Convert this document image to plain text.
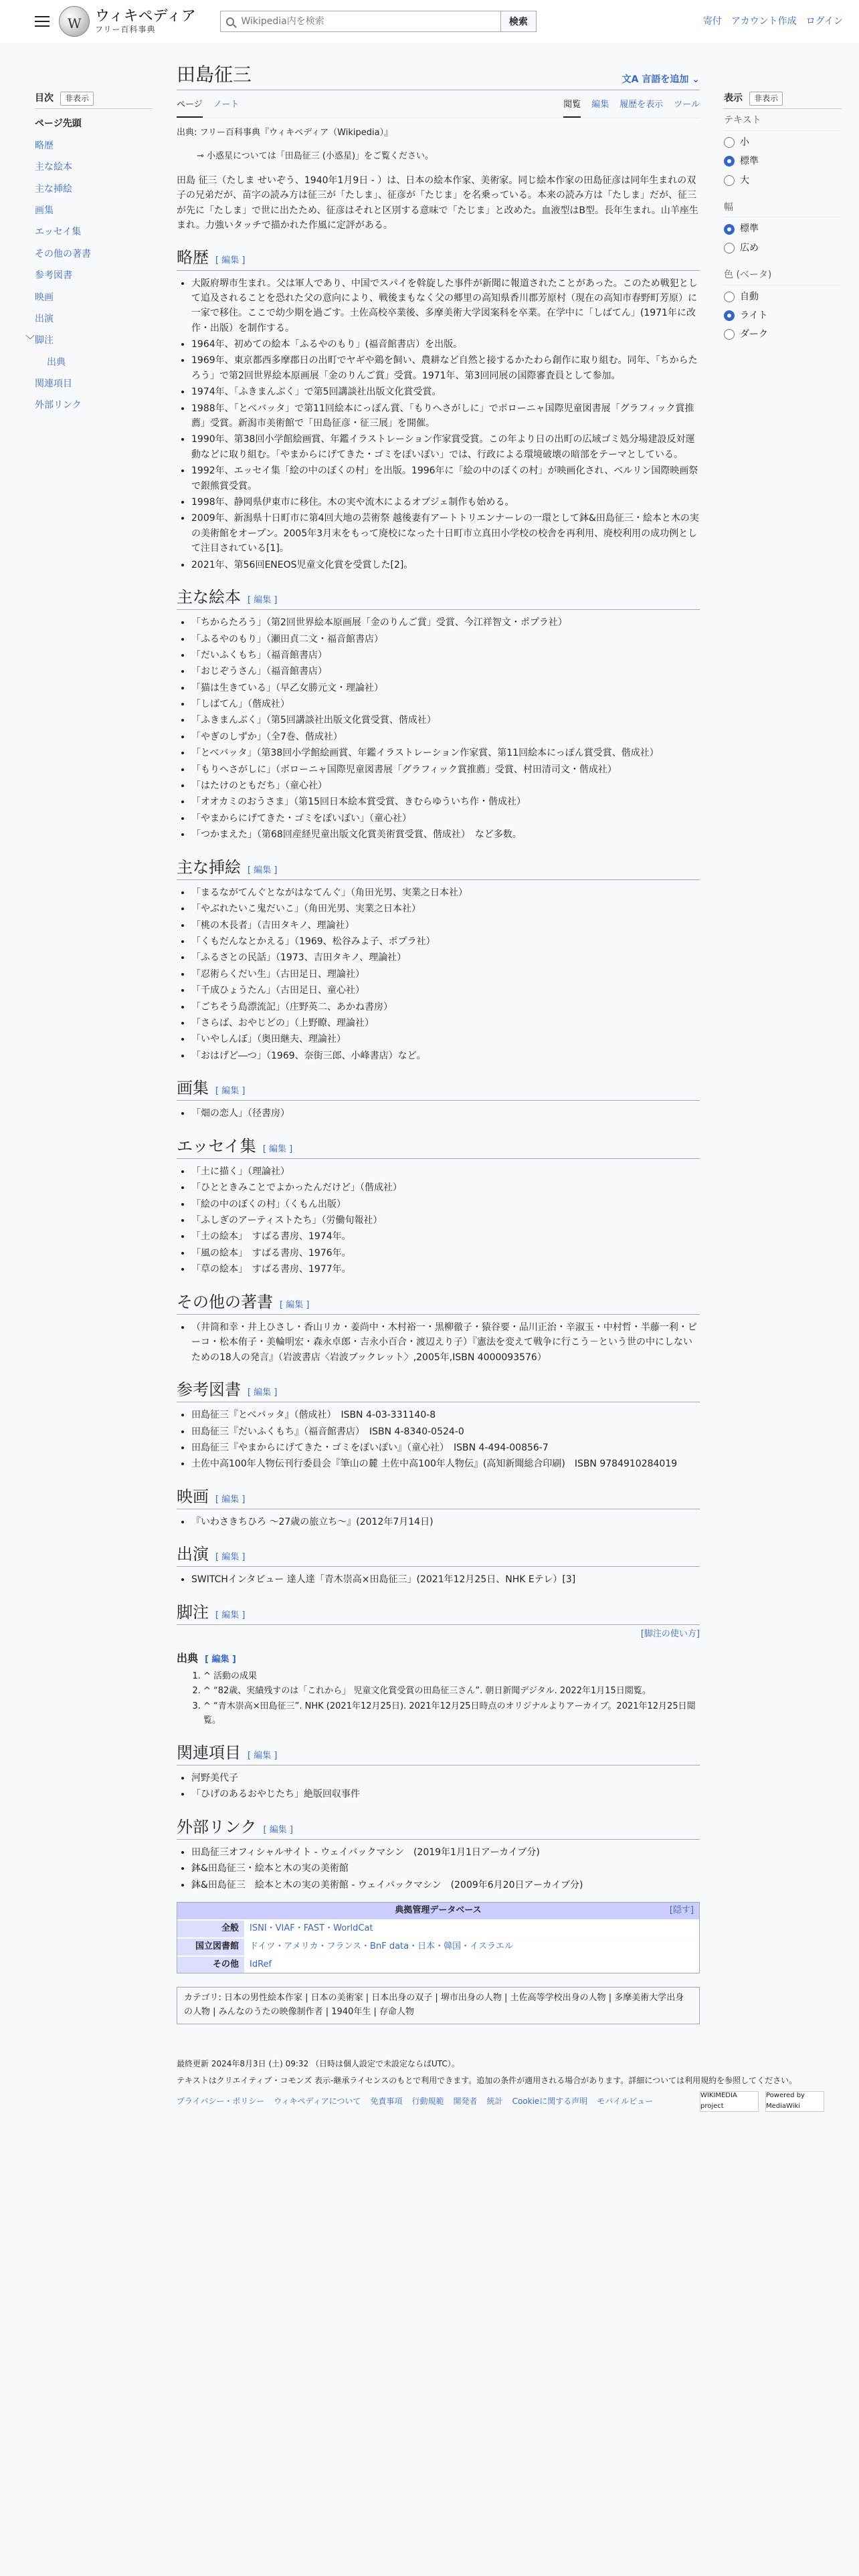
W
ウィキペディア
フリー百科事典
Wikipedia内を検索
検索	寄付 アカウント作成 ログイン
目次	非表示
ページ先頭
略歴
主な絵本
主な挿絵
画集
エッセイ集
その他の著書
参考図書
映画
出演
﹀脚注
出典
関連項目
外部リンク
田島征三	文A 言語を追加 ⌄
ページ ノート	閲覧 編集 履歴を表示 ツール
出典: フリー百科事典『ウィキペディア（Wikipedia）』
⊸ 小惑星については「田島征三 (小惑星)」をご覧ください。

田島 征三（たしま せいぞう、1940年1月9日 - ）は、日本の絵本作家、美術家。同じ絵本作家の田島征彦は同年生まれの双子の兄弟だが、苗字の読み方は征三が「たしま」、征彦が「たじま」を名乗っている。本来の読み方は「たしま」だが、征三が先に「たしま」で世に出たため、征彦はそれと区別する意味で「たじま」と改めた。血液型はB型。長年生まれ。山羊座生まれ。力強いタッチで描かれた作風に定評がある。

略歴 [ 編集 ]
• 大阪府堺市生まれ。父は軍人であり、中国でスパイを斡旋した事件が新聞に報道されたことがあった。このため戦犯として追及されることを恐れた父の意向により、戦後まもなく父の郷里の高知県香川郡芳原村（現在の高知市春野町芳原）に一家で移住。ここで幼少期を過ごす。土佐高校卒業後、多摩美術大学図案科を卒業。在学中に「しばてん」(1971年に改作・出版）を制作する。
• 1964年、初めての絵本「ふるやのもり」(福音館書店）を出版。
• 1969年、東京都西多摩郡日の出町でヤギや鶏を飼い、農耕など自然と接するかたわら創作に取り組む。同年、「ちからたろう」で第2回世界絵本原画展「金のりんご賞」受賞。1971年、第3回同展の国際審査員として参加。
• 1974年、「ふきまんぶく」で第5回講談社出版文化賞受賞。
• 1988年、「とべバッタ」で第11回絵本にっぽん賞、「もりへさがしに」でボローニャ国際児童図書展「グラフィック賞推薦」受賞。新潟市美術館で「田島征彦・征三展」を開催。
• 1990年、第38回小学館絵画賞、年鑑イラストレーション作家賞受賞。この年より日の出町の広域ゴミ処分場建設反対運動などに取り組む。「やまからにげてきた・ゴミをぽいぽい」では、行政による環境破壊の暗部をテーマとしている。
• 1992年、エッセイ集「絵の中のぼくの村」を出版。1996年に「絵の中のぼくの村」が映画化され、ベルリン国際映画祭で銀熊賞受賞。
• 1998年、静岡県伊東市に移住。木の実や流木によるオブジェ制作も始める。
• 2009年、新潟県十日町市に第4回大地の芸術祭 越後妻有アートトリエンナーレの一環として鉢&田島征三・絵本と木の実の美術館をオープン。2005年3月末をもって廃校になった十日町市立真田小学校の校舎を再利用、廃校利用の成功例として注目されている[1]。
• 2021年、第56回ENEOS児童文化賞を受賞した[2]。
主な絵本 [ 編集 ]
• 「ちからたろう」（第2回世界絵本原画展「金のりんご賞」受賞、今江祥智文・ポプラ社）
• 「ふるやのもり」（瀬田貞二文・福音館書店）
• 「だいふくもち」（福音館書店）
• 「おじぞうさん」（福音館書店）
• 「猫は生きている」（早乙女勝元文・理論社）
• 「しばてん」（偕成社）
• 「ふきまんぶく」（第5回講談社出版文化賞受賞、偕成社）
• 「やぎのしずか」（全7巻、偕成社）
• 「とべバッタ」（第38回小学館絵画賞、年鑑イラストレーション作家賞、第11回絵本にっぽん賞受賞、偕成社）
• 「もりへさがしに」（ボローニャ国際児童図書展「グラフィック賞推薦」受賞、村田清司文・偕成社）
• 「はたけのともだち」（童心社）
• 「オオカミのおうさま」（第15回日本絵本賞受賞、きむらゆういち作・偕成社）
• 「やまからにげてきた・ゴミをぽいぽい」（童心社）
• 「つかまえた」（第68回産経児童出版文化賞美術賞受賞、偕成社）　など多数。
主な挿絵 [ 編集 ]
• 「まるながてんぐとながはなてんぐ」（角田光男、実業之日本社）
• 「やぶれたいこ鬼だいこ」（角田光男、実業之日本社）
• 「桃の木長者」（吉田タキノ、理論社）
• 「くもだんなとかえる」（1969、松谷みよ子、ポプラ社）
• 「ふるさとの民話」（1973、吉田タキノ、理論社）
• 「忍術らくだい生」（古田足日、理論社）
• 「千成ひょうたん」（古田足日、童心社）
• 「ごちそう島漂流記」（庄野英二、あかね書房）
• 「さらば、おやじどの」（上野瞭、理論社）
• 「いやしんぼ」（奥田継夫、理論社）
• 「おはげど―つ」（1969、奈街三郎、小峰書店）など。
画集 [ 編集 ]
• 「畑の恋人」（径書房）
エッセイ集 [ 編集 ]
• 「土に描く」（理論社）
• 「ひとときみことでよかったんだけど」（偕成社）
• 「絵の中のぼくの村」（くもん出版）
• 「ふしぎのアーティストたち」（労働旬報社）
• 「土の絵本」　すばる書房、1974年。
• 「風の絵本」　すばる書房、1976年。
• 「草の絵本」　すばる書房、1977年。
その他の著書 [ 編集 ]
• （井筒和幸・井上ひさし・香山リカ・姜尚中・木村裕一・黒柳徹子・猿谷要・品川正治・辛淑玉・中村哲・半藤一利・ピーコ・松本侑子・美輪明宏・森永卓郎・吉永小百合・渡辺えり子）『憲法を変えて戦争に行こう－という世の中にしないための18人の発言』（岩波書店〈岩波ブックレット〉,2005年,ISBN 4000093576）
参考図書 [ 編集 ]
• 田島征三『とべバッタ』（偕成社）　ISBN 4-03-331140-8
• 田島征三『だいふくもち』（福音館書店）　ISBN 4-8340-0524-0
• 田島征三『やまからにげてきた・ゴミをぽいぽい』（童心社）　ISBN 4-494-00856-7
• 土佐中高100年人物伝刊行委員会『筆山の麓 土佐中高100年人物伝』(高知新聞総合印刷)　ISBN 9784910284019
映画 [ 編集 ]
• 『いわさきちひろ ～27歳の旅立ち～』(2012年7月14日)
出演 [ 編集 ]
• SWITCHインタビュー 達人達「青木崇高×田島征三」(2021年12月25日、NHK Eテレ）[3]
脚注 [ 編集 ]
[脚注の使い方]
出典 [ 編集 ]
1. ^ 活動の成果
2. ^ “82歳、実績残すのは「これから」 児童文化賞受賞の田島征三さん”. 朝日新聞デジタル. 2022年1月15日閲覧。
3. ^ “青木崇高×田島征三”. NHK (2021年12月25日). 2021年12月25日時点のオリジナルよりアーカイブ。2021年12月25日閲覧。
関連項目 [ 編集 ]
• 河野美代子
• 「ひげのあるおやじたち」絶版回収事件
外部リンク [ 編集 ]
• 田島征三オフィシャルサイト - ウェイバックマシン　(2019年1月1日アーカイブ分)
• 鉢&田島征三・絵本と木の実の美術館
• 鉢&田島征三　絵本と木の実の美術館 - ウェイバックマシン　(2009年6月20日アーカイブ分)
典拠管理データベース	[隠す]
全般	ISNI・VIAF・FAST・WorldCat
国立図書館	ドイツ・アメリカ・フランス・BnF data・日本・韓国・イスラエル
その他	IdRef
カテゴリ: 日本の男性絵本作家 | 日本の美術家 | 日本出身の双子 | 堺市出身の人物 | 土佐高等学校出身の人物 | 多摩美術大学出身の人物 | みんなのうたの映像制作者 | 1940年生 | 存命人物
表示	非表示
テキスト
小
標準
大
幅
標準
広め
色 (ベータ)
自動
ライト
ダーク
最終更新 2024年8月3日 (土) 09:32 （日時は個人設定で未設定ならばUTC）。
テキストはクリエイティブ・コモンズ 表示-継承ライセンスのもとで利用できます。追加の条件が適用される場合があります。詳細については利用規約を参照してください。
プライバシー・ポリシー ウィキペディアについて 免責事項 行動規範 開発者 統計 Cookieに関する声明 モバイルビュー
WIKIMEDIA project
Powered by MediaWiki
